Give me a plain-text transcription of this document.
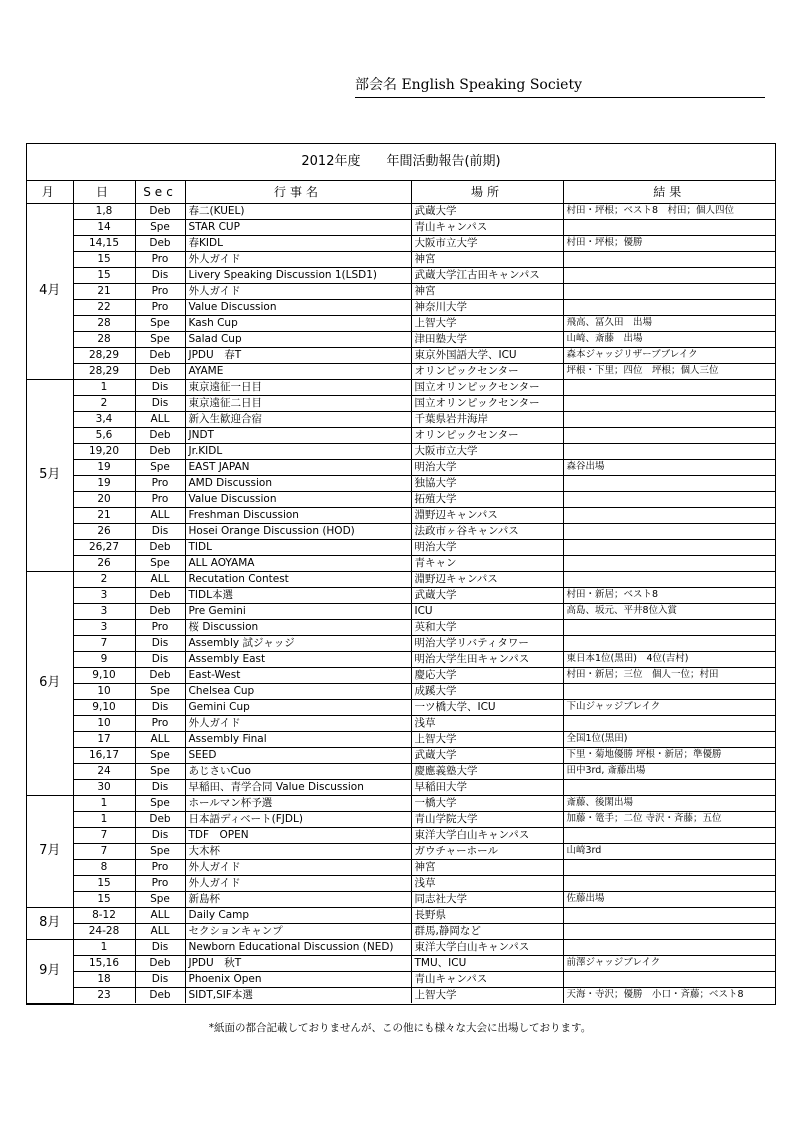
部会名 English Speaking Society
2012年度　　年間活動報告(前期)
月	日	Sec	行事名	場所	結果
4月	1,8	Deb	春二(KUEL)	武蔵大学	村田・坪根；ベスト8　村田；個人四位
	14	Spe	STAR CUP	青山キャンパス	
	14,15	Deb	春KIDL	大阪市立大学	村田・坪根；優勝
	15	Pro	外人ガイド	神宮	
	15	Dis	Livery Speaking Discussion 1(LSD1)	武蔵大学江古田キャンパス	
	21	Pro	外人ガイド	神宮	
	22	Pro	Value Discussion	神奈川大学	
	28	Spe	Kash Cup	上智大学	飛高、冨久田　出場
	28	Spe	Salad Cup	津田塾大学	山崎、斎藤　出場
	28,29	Deb	JPDU　春T	東京外国語大学、ICU	森本ジャッジリザーブブレイク
	28,29	Deb	AYAME	オリンピックセンター	坪根・下里；四位　坪根；個人三位
5月	1	Dis	東京遠征一日目	国立オリンピックセンター	
	2	Dis	東京遠征二日目	国立オリンピックセンター	
	3,4	ALL	新入生歓迎合宿	千葉県岩井海岸	
	5,6	Deb	JNDT	オリンピックセンター	
	19,20	Deb	Jr.KIDL	大阪市立大学	
	19	Spe	EAST JAPAN	明治大学	森谷出場
	19	Pro	AMD Discussion	独協大学	
	20	Pro	Value Discussion	拓殖大学	
	21	ALL	Freshman Discussion	淵野辺キャンパス	
	26	Dis	Hosei Orange Discussion (HOD)	法政市ヶ谷キャンパス	
	26,27	Deb	TIDL	明治大学	
	26	Spe	ALL AOYAMA	青キャン	
6月	2	ALL	Recutation Contest	淵野辺キャンパス	
	3	Deb	TIDL本選	武蔵大学	村田・新居；ベスト8
	3	Deb	Pre Gemini	ICU	高島、坂元、平井8位入賞
	3	Pro	桜 Discussion	英和大学	
	7	Dis	Assembly 試ジャッジ	明治大学リバティタワー	
	9	Dis	Assembly East	明治大学生田キャンパス	東日本1位(黒田)　4位(吉村)
	9,10	Deb	East-West	慶応大学	村田・新居；三位　個人一位；村田
	10	Spe	Chelsea Cup	成蹊大学	
	9,10	Dis	Gemini Cup	一ツ橋大学、ICU	下山ジャッジブレイク
	10	Pro	外人ガイド	浅草	
	17	ALL	Assembly Final	上智大学	全国1位(黒田)
	16,17	Spe	SEED	武蔵大学	下里・菊地優勝 坪根・新居；準優勝
	24	Spe	あじさいCuo	慶應義塾大学	田中3rd, 斎藤出場
	30	Dis	早稲田、青学合同 Value Discussion	早稲田大学	
7月	1	Spe	ホールマン杯予選	一橋大学	斎藤、後閑出場
	1	Deb	日本語ディベート(FJDL)	青山学院大学	加藤・篭手；二位 寺沢・斉藤；五位
	7	Dis	TDF　OPEN	東洋大学白山キャンパス	
	7	Spe	大木杯	ガウチャーホール	山崎3rd
	8	Pro	外人ガイド	神宮	
	15	Pro	外人ガイド	浅草	
	15	Spe	新島杯	同志社大学	佐藤出場
8月	8-12	ALL	Daily Camp	長野県	
	24-28	ALL	セクションキャンプ	群馬,静岡など	
9月	1	Dis	Newborn Educational Discussion (NED)	東洋大学白山キャンパス	
	15,16	Deb	JPDU　秋T	TMU、ICU	前澤ジャッジブレイク
	18	Dis	Phoenix Open	青山キャンパス	
	23	Deb	SIDT,SIF本選	上智大学	天海・寺沢；優勝　小口・斉藤；ベスト8
*紙面の都合記載しておりませんが、この他にも様々な大会に出場しております。
